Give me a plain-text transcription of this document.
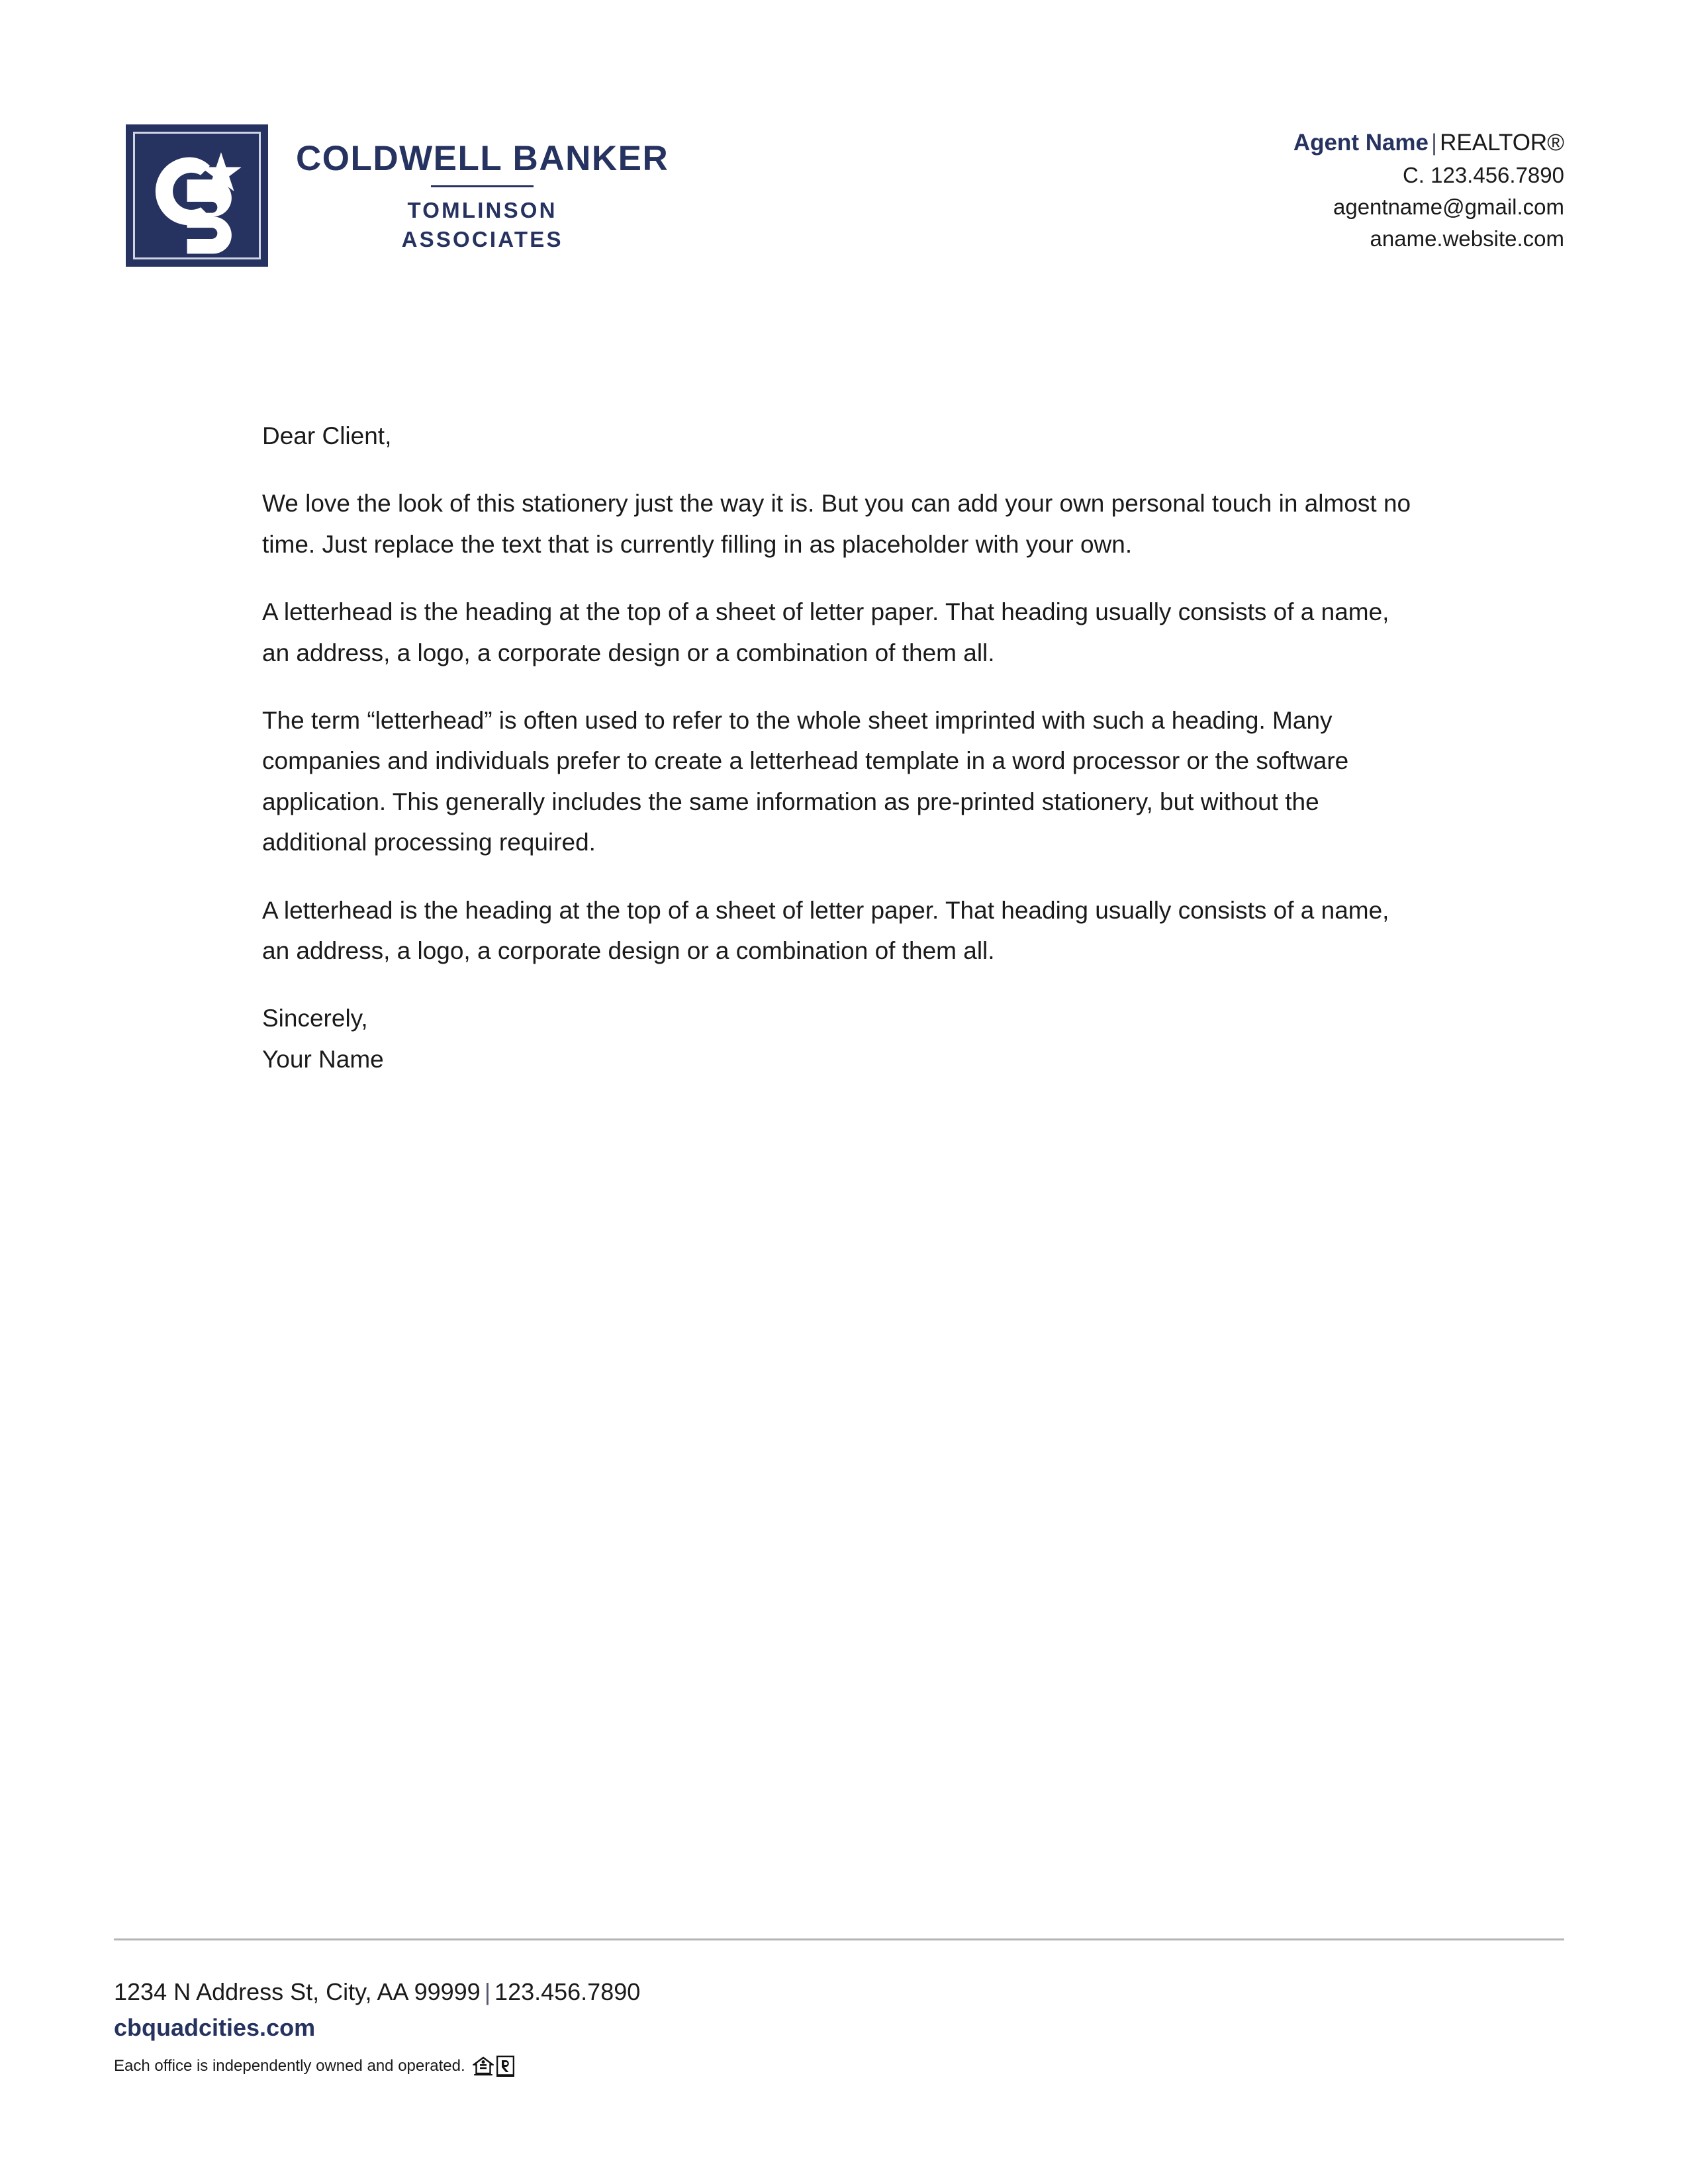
COLDWELL BANKER
TOMLINSON
ASSOCIATES
Agent Name | REALTOR®
C. 123.456.7890
agentname@gmail.com
aname.website.com

Dear Client,

We love the look of this stationery just the way it is. But you can add your own personal touch in almost no time. Just replace the text that is currently filling in as placeholder with your own.

A letterhead is the heading at the top of a sheet of letter paper. That heading usually consists of a name, an address, a logo, a corporate design or a combination of them all.

The term “letterhead” is often used to refer to the whole sheet imprinted with such a heading. Many companies and individuals prefer to create a letterhead template in a word processor or the software application. This generally includes the same information as pre-printed stationery, but without the additional processing required.

A letterhead is the heading at the top of a sheet of letter paper. That heading usually consists of a name, an address, a logo, a corporate design or a combination of them all.

Sincerely,
Your Name

1234 N Address St, City, AA 99999 | 123.456.7890
cbquadcities.com
Each office is independently owned and operated.
